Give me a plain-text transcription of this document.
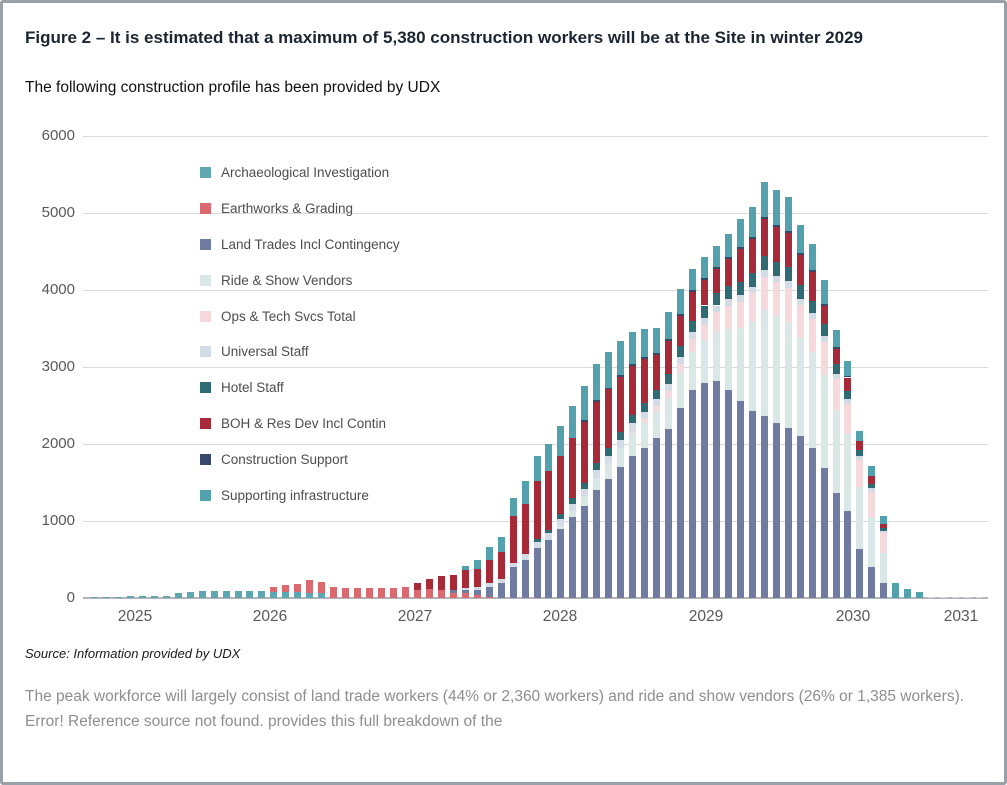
Figure 2 – It is estimated that a maximum of 5,380 construction workers will be at the Site in winter 2029

The following construction profile has been provided by UDX

0
1000
2000
3000
4000
5000
6000
Archaeological Investigation
Earthworks & Grading
Land Trades Incl Contingency
Ride & Show Vendors
Ops & Tech Svcs Total
Universal Staff
Hotel Staff
BOH & Res Dev Incl Contin
Construction Support
Supporting infrastructure
2025	2026	2027	2028	2029	2030	2031

Source: Information provided by UDX

The peak workforce will largely consist of land trade workers (44% or 2,360 workers) and ride and show vendors (26% or 1,385 workers). Error! Reference source not found. provides this full breakdown of the
